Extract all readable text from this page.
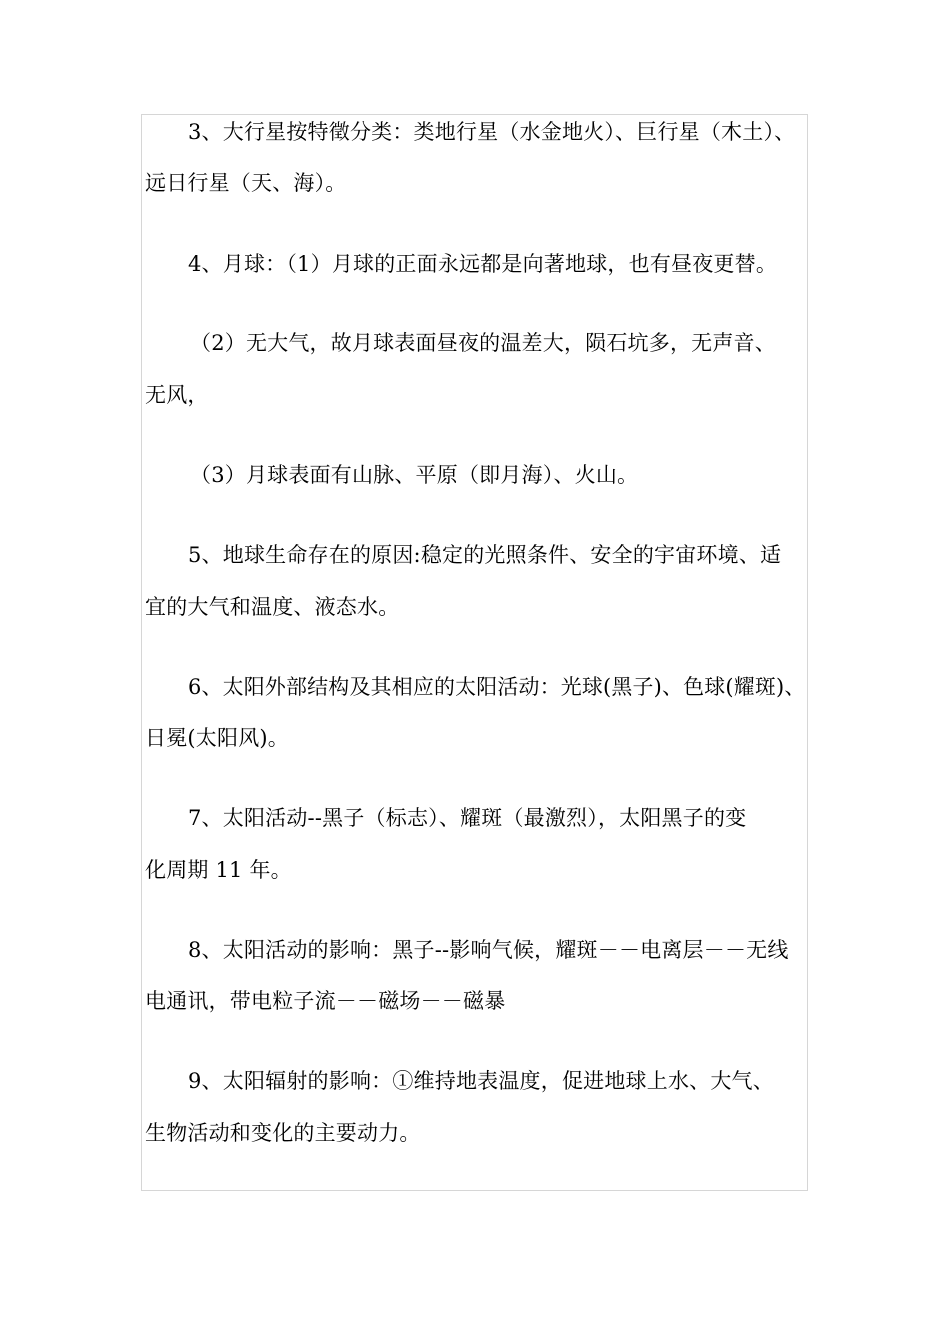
3、大行星按特徵分类：类地行星（水金地火）、巨行星（木土）、
远日行星（天、海）。
4、月球：（1）月球的正面永远都是向著地球，也有昼夜更替。
（2）无大气，故月球表面昼夜的温差大，陨石坑多，无声音、
无风，
（3）月球表面有山脉、平原（即月海）、火山。
5、地球生命存在的原因:稳定的光照条件、安全的宇宙环境、适
宜的大气和温度、液态水。
6、太阳外部结构及其相应的太阳活动：光球(黑子)、色球(耀斑)、
日冕(太阳风)。
7、太阳活动--黑子（标志）、耀斑（最激烈），太阳黑子的变
化周期 11 年。
8、太阳活动的影响：黑子--影响气候，耀斑－－电离层－－无线
电通讯，带电粒子流－－磁场－－磁暴
9、太阳辐射的影响：①维持地表温度，促进地球上水、大气、
生物活动和变化的主要动力。
